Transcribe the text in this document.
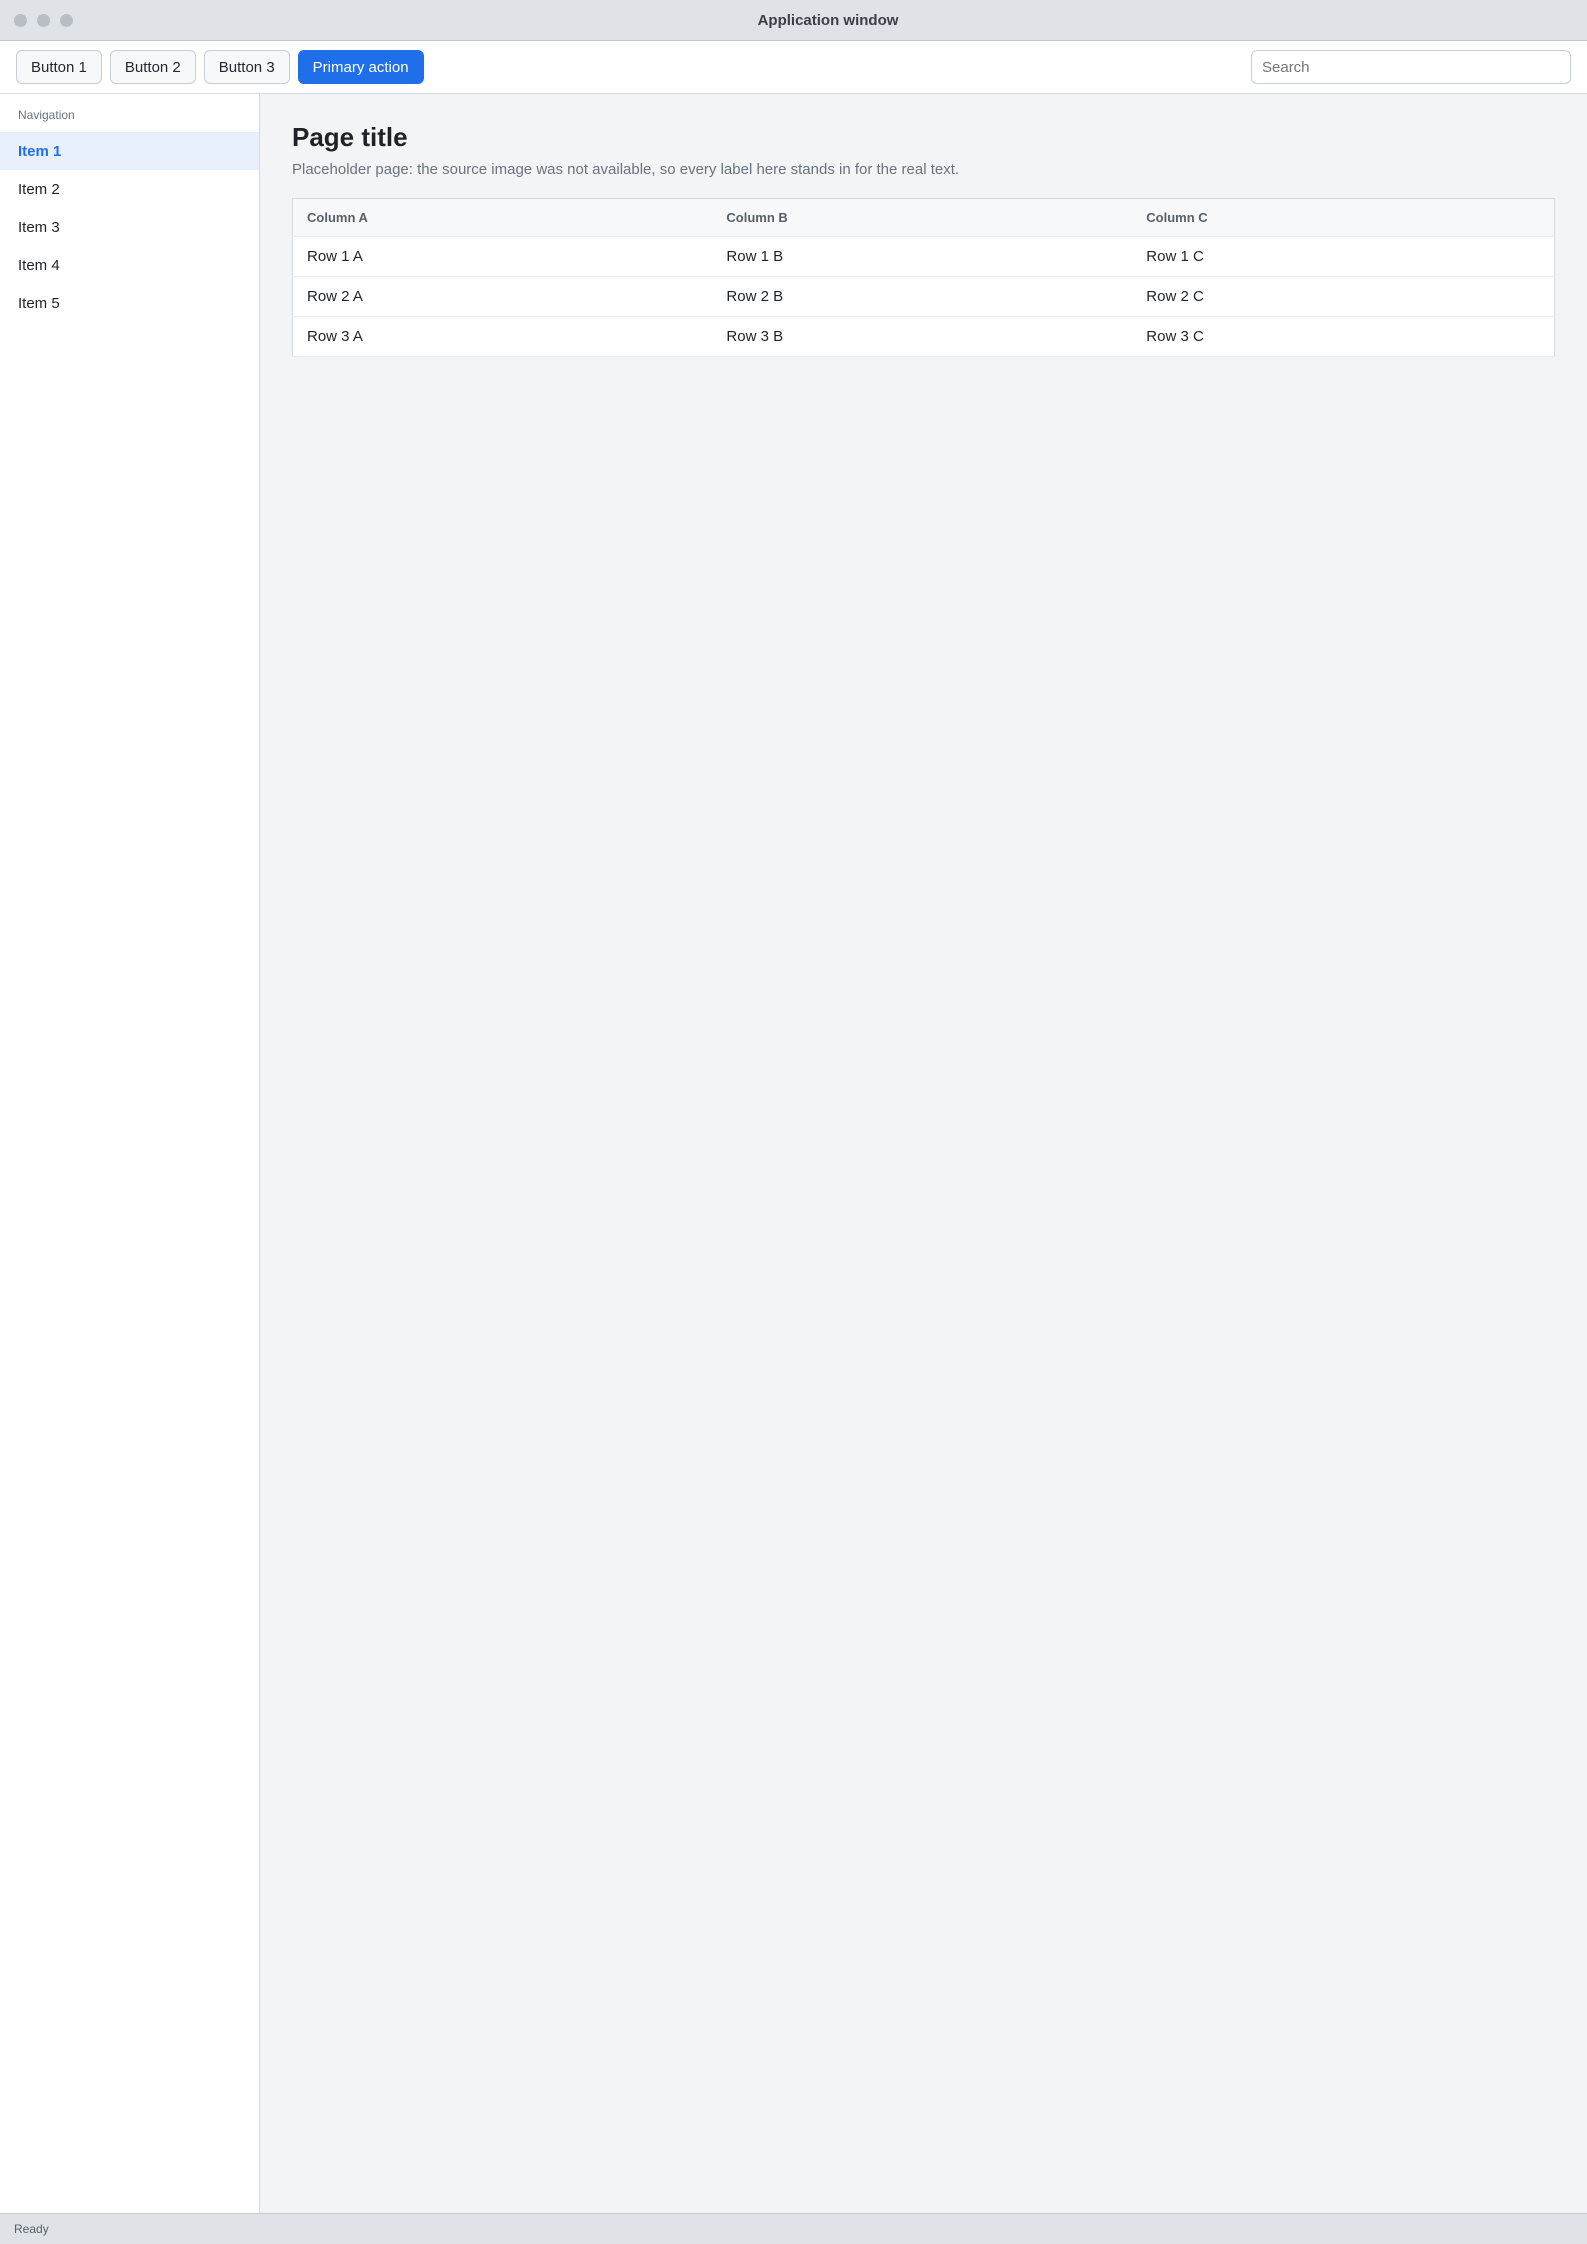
Application window
Button 1	Button 2	Button 3	Primary action
Search
Navigation
Item 1
Item 2
Item 3
Item 4
Item 5
Page title

Placeholder page: the source image was not available, so every label here stands in for the real text.

Column A	Column B	Column C
Row 1 A	Row 1 B	Row 1 C
Row 2 A	Row 2 B	Row 2 C
Row 3 A	Row 3 B	Row 3 C
Ready
